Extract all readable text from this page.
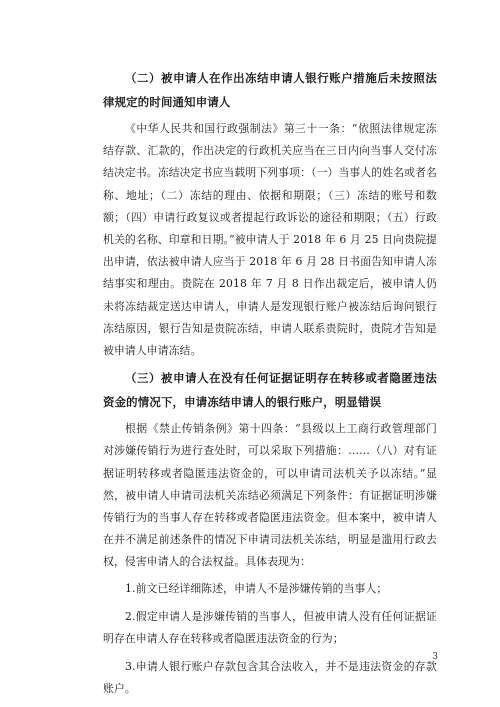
（二）被申请人在作出冻结申请人银行账户措施后未按照法律规定的时间通知申请人

《中华人民共和国行政强制法》第三十一条：“依照法律规定冻结存款、汇款的，作出决定的行政机关应当在三日内向当事人交付冻结决定书。冻结决定书应当载明下列事项：（一）当事人的姓名或者名称、地址；（二）冻结的理由、依据和期限；（三）冻结的账号和数额；（四）申请行政复议或者提起行政诉讼的途径和期限；（五）行政机关的名称、印章和日期。”被申请人于 2018 年 6 月 25 日向贵院提出申请，依法被申请人应当于 2018 年 6 月 28 日书面告知申请人冻结事实和理由。贵院在 2018 年 7 月 8 日作出裁定后，被申请人仍未将冻结裁定送达申请人，申请人是发现银行账户被冻结后询问银行冻结原因，银行告知是贵院冻结，申请人联系贵院时，贵院才告知是被申请人申请冻结。

（三）被申请人在没有任何证据证明存在转移或者隐匿违法资金的情况下，申请冻结申请人的银行账户，明显错误

根据《禁止传销条例》第十四条：“县级以上工商行政管理部门对涉嫌传销行为进行查处时，可以采取下列措施：……（八）对有证据证明转移或者隐匿违法资金的，可以申请司法机关予以冻结。”显然，被申请人申请司法机关冻结必须满足下列条件：有证据证明涉嫌传销行为的当事人存在转移或者隐匿违法资金。但本案中，被申请人在并不满足前述条件的情况下申请司法机关冻结，明显是滥用行政去权，侵害申请人的合法权益。具体表现为：

1.前文已经详细陈述，申请人不是涉嫌传销的当事人；

2.假定申请人是涉嫌传销的当事人，但被申请人没有任何证据证明存在申请人存在转移或者隐匿违法资金的行为；

3.申请人银行账户存款包含其合法收入，并不是违法资金的存款账户。

3
